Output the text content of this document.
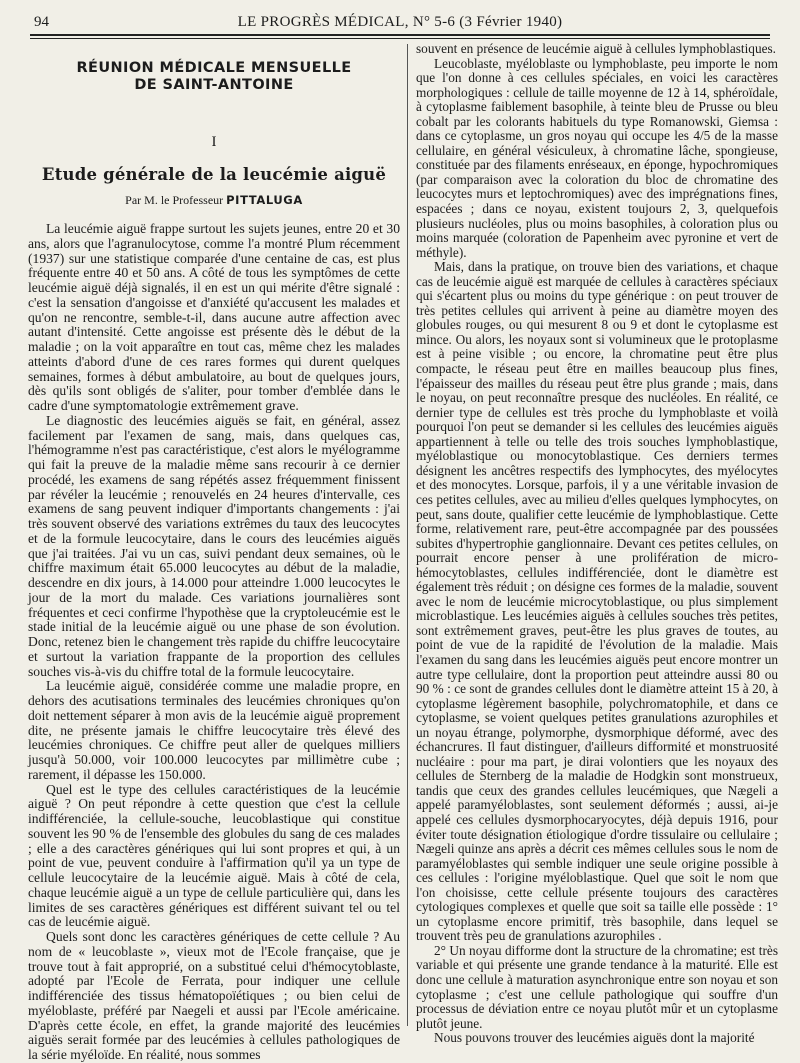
94	LE PROGRÈS MÉDICAL, N° 5-6 (3 Février 1940)
RÉUNION MÉDICALE MENSUELLE
DE SAINT-ANTOINE
I
Etude générale de la leucémie aiguë
Par M. le Professeur PITTALUGA

La leucémie aiguë frappe surtout les sujets jeunes, entre 20 et 30 ans, alors que l'agranulocytose, comme l'a montré Plum récemment (1937) sur une statistique comparée d'une centaine de cas, est plus fréquente entre 40 et 50 ans. A côté de tous les symptômes de cette leucémie aiguë déjà signalés, il en est un qui mérite d'être signalé : c'est la sensation d'angoisse et d'anxiété qu'accusent les malades et qu'on ne rencontre, semble-t-il, dans aucune autre affection avec autant d'intensité. Cette angoisse est présente dès le début de la maladie ; on la voit apparaître en tout cas, même chez les malades atteints d'abord d'une de ces rares formes qui durent quelques semaines, formes à début ambulatoire, au bout de quelques jours, dès qu'ils sont obligés de s'aliter, pour tomber d'emblée dans le cadre d'une symptomatologie extrêmement grave.

Le diagnostic des leucémies aiguës se fait, en général, assez facilement par l'examen de sang, mais, dans quelques cas, l'hémogramme n'est pas caractéristique, c'est alors le myélogramme qui fait la preuve de la maladie même sans recourir à ce dernier procédé, les examens de sang répétés assez fréquemment finissent par révéler la leucémie ; renouvelés en 24 heures d'intervalle, ces examens de sang peuvent indiquer d'importants changements : j'ai très souvent observé des variations extrêmes du taux des leucocytes et de la formule leucocytaire, dans le cours des leucémies aiguës que j'ai traitées. J'ai vu un cas, suivi pendant deux semaines, où le chiffre maximum était 65.000 leucocytes au début de la maladie, descendre en dix jours, à 14.000 pour atteindre 1.000 leucocytes le jour de la mort du malade. Ces variations journalières sont fréquentes et ceci confirme l'hypothèse que la cryptoleucémie est le stade initial de la leucémie aiguë ou une phase de son évolution. Donc, retenez bien le changement très rapide du chiffre leucocytaire et surtout la variation frappante de la proportion des cellules souches vis-à-vis du chiffre total de la formule leucocytaire.

La leucémie aiguë, considérée comme une maladie propre, en dehors des acutisations terminales des leucémies chroniques qu'on doit nettement séparer à mon avis de la leucémie aiguë proprement dite, ne présente jamais le chiffre leucocytaire très élevé des leucémies chroniques. Ce chiffre peut aller de quelques milliers jusqu'à 50.000, voir 100.000 leucocytes par millimètre cube ; rarement, il dépasse les 150.000.

Quel est le type des cellules caractéristiques de la leucémie aiguë ? On peut répondre à cette question que c'est la cellule indifférenciée, la cellule-souche, leucoblastique qui constitue souvent les 90 % de l'ensemble des globules du sang de ces malades ; elle a des caractères génériques qui lui sont propres et qui, à un point de vue, peuvent conduire à l'affirmation qu'il ya un type de cellule leucocytaire de la leucémie aiguë. Mais à côté de cela, chaque leucémie aiguë a un type de cellule particulière qui, dans les limites de ses caractères génériques est différent suivant tel ou tel cas de leucémie aiguë.

Quels sont donc les caractères génériques de cette cellule ? Au nom de « leucoblaste », vieux mot de l'Ecole française, que je trouve tout à fait approprié, on a substitué celui d'hémocytoblaste, adopté par l'Ecole de Ferrata, pour indiquer une cellule indifférenciée des tissus hématopoïétiques ; ou bien celui de myéloblaste, préféré par Naegeli et aussi par l'Ecole américaine. D'après cette école, en effet, la grande majorité des leucémies aiguës serait formée par des leucémies à cellules pathologiques de la série myéloïde. En réalité, nous sommes

souvent en présence de leucémie aiguë à cellules lymphoblastiques.

Leucoblaste, myéloblaste ou lymphoblaste, peu importe le nom que l'on donne à ces cellules spéciales, en voici les caractères morphologiques : cellule de taille moyenne de 12 à 14, sphéroïdale, à cytoplasme faiblement basophile, à teinte bleu de Prusse ou bleu cobalt par les colorants habituels du type Romanowski, Giemsa : dans ce cytoplasme, un gros noyau qui occupe les 4/5 de la masse cellulaire, en général vésiculeux, à chromatine lâche, spongieuse, constituée par des filaments enréseaux, en éponge, hypochromiques (par comparaison avec la coloration du bloc de chromatine des leucocytes murs et leptochromiques) avec des imprégnations fines, espacées ; dans ce noyau, existent toujours 2, 3, quelquefois plusieurs nucléoles, plus ou moins basophiles, à coloration plus ou moins marquée (coloration de Papenheim avec pyronine et vert de méthyle).

Mais, dans la pratique, on trouve bien des variations, et chaque cas de leucémie aiguë est marquée de cellules à caractères spéciaux qui s'écartent plus ou moins du type générique : on peut trouver de très petites cellules qui arrivent à peine au diamètre moyen des globules rouges, ou qui mesurent 8 ou 9 et dont le cytoplasme est mince. Ou alors, les noyaux sont si volumineux que le protoplasme est à peine visible ; ou encore, la chromatine peut être plus compacte, le réseau peut être en mailles beaucoup plus fines, l'épaisseur des mailles du réseau peut être plus grande ; mais, dans le noyau, on peut reconnaître presque des nucléoles. En réalité, ce dernier type de cellules est très proche du lymphoblaste et voilà pourquoi l'on peut se demander si les cellules des leucémies aiguës appartiennent à telle ou telle des trois souches lymphoblastique, myéloblastique ou monocytoblastique. Ces derniers termes désignent les ancêtres respectifs des lymphocytes, des myélocytes et des monocytes. Lorsque, parfois, il y a une véritable invasion de ces petites cellules, avec au milieu d'elles quelques lymphocytes, on peut, sans doute, qualifier cette leucémie de lymphoblastique. Cette forme, relativement rare, peut-être accompagnée par des poussées subites d'hypertrophie ganglionnaire. Devant ces petites cellules, on pourrait encore penser à une prolifération de micro-hémocytoblastes, cellules indifférenciée, dont le diamètre est également très réduit ; on désigne ces formes de la maladie, souvent avec le nom de leucémie microcytoblastique, ou plus simplement microblastique. Les leucémies aiguës à cellules souches très petites, sont extrêmement graves, peut-être les plus graves de toutes, au point de vue de la rapidité de l'évolution de la maladie. Mais l'examen du sang dans les leucémies aiguës peut encore montrer un autre type cellulaire, dont la proportion peut atteindre aussi 80 ou 90 % : ce sont de grandes cellules dont le diamètre atteint 15 à 20, à cytoplasme légèrement basophile, polychromatophile, et dans ce cytoplasme, se voient quelques petites granulations azurophiles et un noyau étrange, polymorphe, dysmorphique déformé, avec des échancrures. Il faut distinguer, d'ailleurs difformité et monstruosité nucléaire : pour ma part, je dirai volontiers que les noyaux des cellules de Sternberg de la maladie de Hodgkin sont monstrueux, tandis que ceux des grandes cellules leucémiques, que Nægeli a appelé paramyéloblastes, sont seulement déformés ; aussi, ai-je appelé ces cellules dysmorphocaryocytes, déjà depuis 1916, pour éviter toute désignation étiologique d'ordre tissulaire ou cellulaire ; Nægeli quinze ans après a décrit ces mêmes cellules sous le nom de paramyéloblastes qui semble indiquer une seule origine possible à ces cellules : l'origine myéloblastique. Quel que soit le nom que l'on choisisse, cette cellule présente toujours des caractères cytologiques complexes et quelle que soit sa taille elle possède : 1° un cytoplasme encore primitif, très basophile, dans lequel se trouvent très peu de granulations azurophiles .

2° Un noyau difforme dont la structure de la chromatine; est très variable et qui présente une grande tendance à la maturité. Elle est donc une cellule à maturation asynchronique entre son noyau et son cytoplasme ; c'est une cellule pathologique qui souffre d'un processus de déviation entre ce noyau plutôt mûr et un cytoplasme plutôt jeune.

Nous pouvons trouver des leucémies aiguës dont la majorité
